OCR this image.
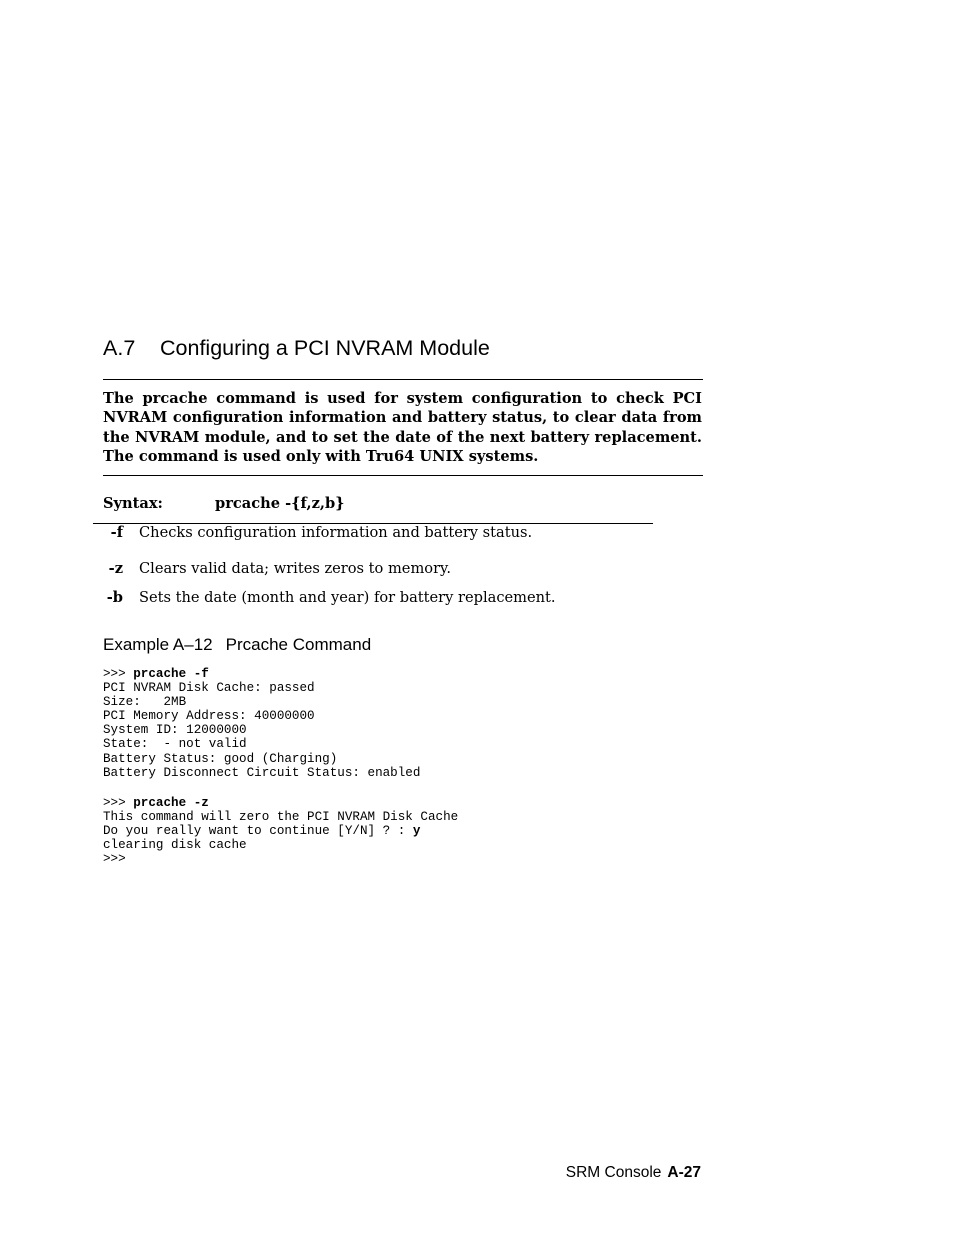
A.7 Configuring a PCI NVRAM Module
The prcache command is used for system configuration to check PCI
NVRAM configuration information and battery status, to clear data from
the NVRAM module, and to set the date of the next battery replacement.
The command is used only with Tru64 UNIX systems.
Syntax:	prcache -{f,z,b}
-f Checks configuration information and battery status.
-z Clears valid data; writes zeros to memory.
-b Sets the date (month and year) for battery replacement.
Example A–12 Prcache Command
>>> prcache -f
PCI NVRAM Disk Cache: passed
Size:   2MB
PCI Memory Address: 40000000
System ID: 12000000
State:  - not valid
Battery Status: good (Charging)
Battery Disconnect Circuit Status: enabled
>>> prcache -z
This command will zero the PCI NVRAM Disk Cache
Do you really want to continue [Y/N] ? : y
clearing disk cache
>>>
SRM Console A-27
